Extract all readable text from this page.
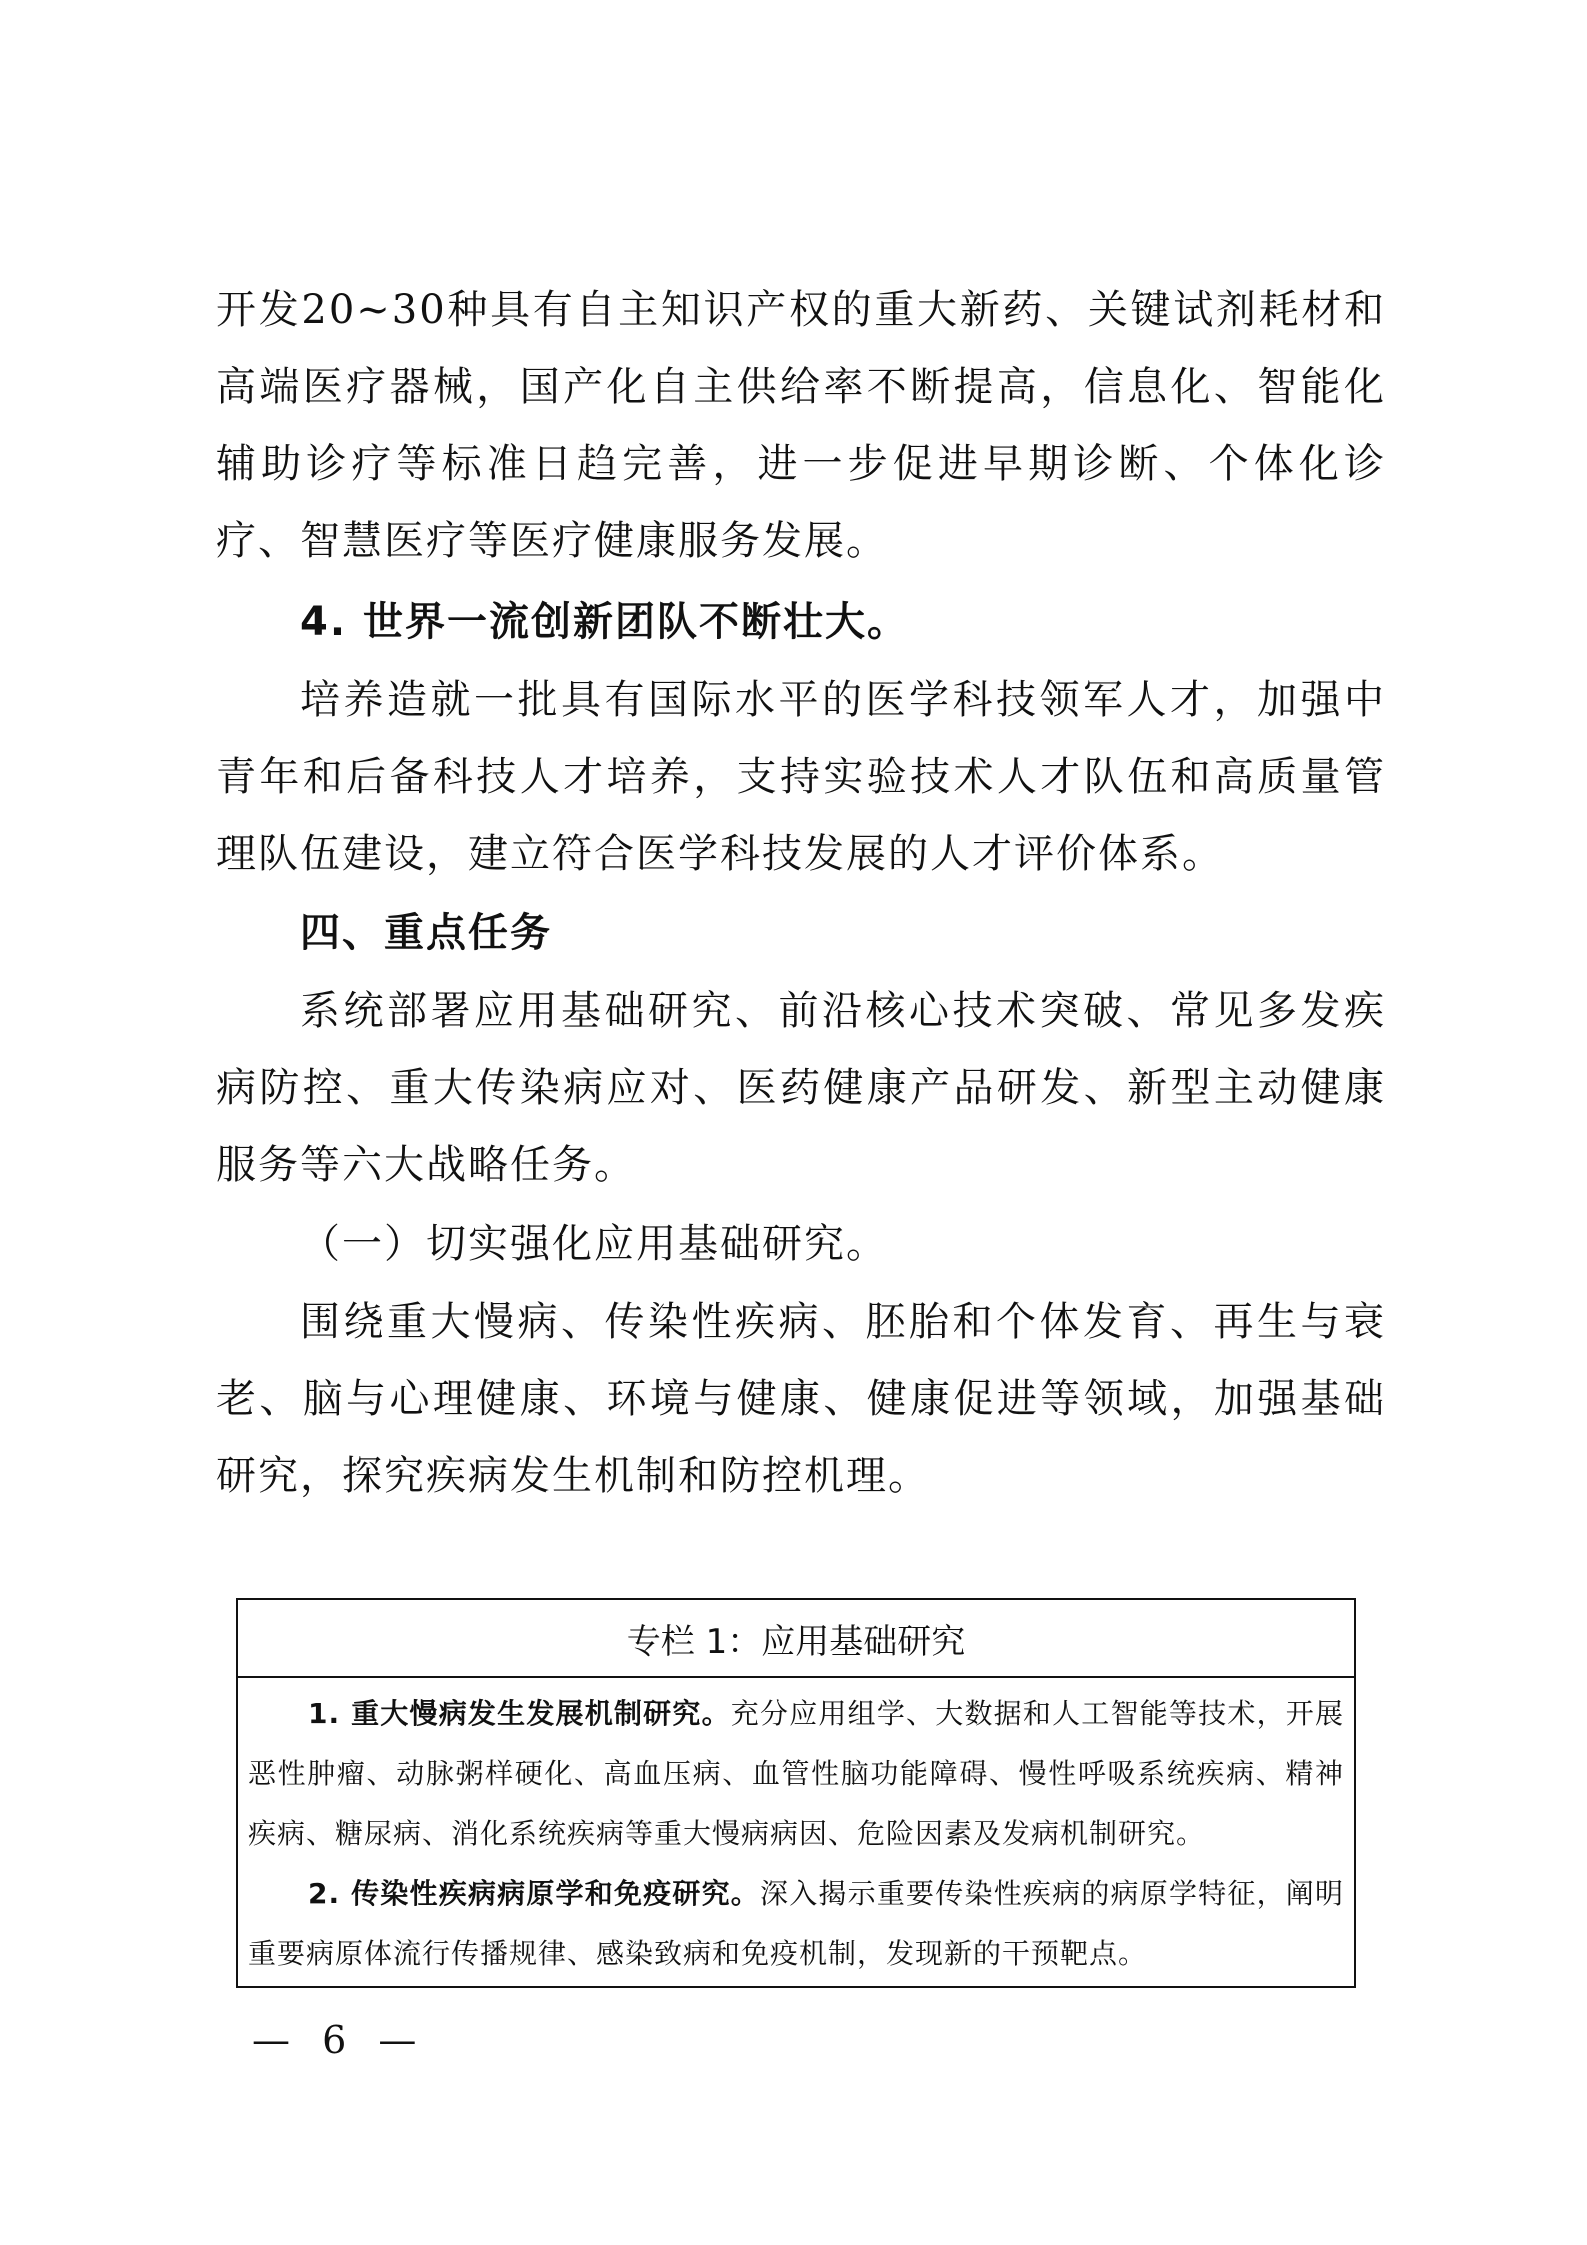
开发20~30种具有自主知识产权的重大新药、关键试剂耗材和高端医疗器械，国产化自主供给率不断提高，信息化、智能化辅助诊疗等标准日趋完善，进一步促进早期诊断、个体化诊疗、智慧医疗等医疗健康服务发展。

4. 世界一流创新团队不断壮大。

培养造就一批具有国际水平的医学科技领军人才，加强中青年和后备科技人才培养，支持实验技术人才队伍和高质量管理队伍建设，建立符合医学科技发展的人才评价体系。

四、重点任务

系统部署应用基础研究、前沿核心技术突破、常见多发疾病防控、重大传染病应对、医药健康产品研发、新型主动健康服务等六大战略任务。

（一）切实强化应用基础研究。

围绕重大慢病、传染性疾病、胚胎和个体发育、再生与衰老、脑与心理健康、环境与健康、健康促进等领域，加强基础研究，探究疾病发生机制和防控机理。

专栏 1：应用基础研究

1. 重大慢病发生发展机制研究。充分应用组学、大数据和人工智能等技术，开展恶性肿瘤、动脉粥样硬化、高血压病、血管性脑功能障碍、慢性呼吸系统疾病、精神疾病、糖尿病、消化系统疾病等重大慢病病因、危险因素及发病机制研究。

2. 传染性疾病病原学和免疫研究。深入揭示重要传染性疾病的病原学特征，阐明重要病原体流行传播规律、感染致病和免疫机制，发现新的干预靶点。

— 6 —
